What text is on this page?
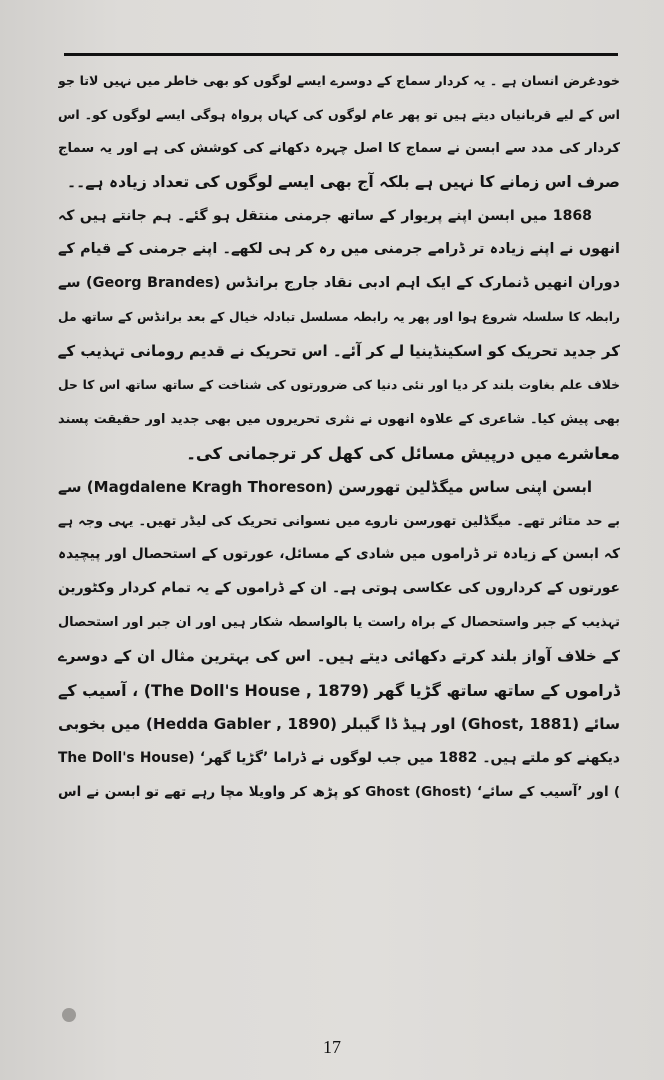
خودغرض انسان ہے ۔ یہ کردار سماج کے دوسرے ایسے لوگوں کو بھی خاطر میں نہیں لاتا جو
اس کے لیے قربانیاں دیتے ہیں تو پھر عام لوگوں کی کہاں پرواہ ہوگی ایسے لوگوں کو۔ اس
کردار کی مدد سے ابسن نے سماج کا اصل چہرہ دکھانے کی کوشش کی ہے اور یہ سماج
صرف اس زمانے کا نہیں ہے بلکہ آج بھی ایسے لوگوں کی تعداد زیادہ ہے۔۔
1868 میں ابسن اپنے پریوار کے ساتھ جرمنی منتقل ہو گئے۔ ہم جانتے ہیں کہ
انھوں نے اپنے زیادہ تر ڈرامے جرمنی میں رہ کر ہی لکھے۔ اپنے جرمنی کے قیام کے
دوران انھیں ڈنمارک کے ایک اہم ادبی نقاد جارج برانڈس (Georg Brandes) سے
رابطہ کا سلسلہ شروع ہوا اور پھر یہ رابطہ مسلسل تبادلہ خیال کے بعد برانڈس کے ساتھ مل
کر جدید تحریک کو اسکینڈینیا لے کر آئے۔ اس تحریک نے قدیم رومانی تہذیب کے
خلاف علم بغاوت بلند کر دیا اور نئی دنیا کی ضرورتوں کی شناخت کے ساتھ ساتھ اس کا حل
بھی پیش کیا۔ شاعری کے علاوہ انھوں نے نثری تحریروں میں بھی جدید اور حقیقت پسند
معاشرے میں درپیش مسائل کی کھل کر ترجمانی کی۔
ابسن اپنی ساس میگڈلین تھورسن (Magdalene Kragh Thoreson) سے
بے حد متاثر تھے۔ میگڈلین تھورسن ناروے میں نسوانی تحریک کی لیڈر تھیں۔ یہی وجہ ہے
کہ ابسن کے زیادہ تر ڈراموں میں شادی کے مسائل، عورتوں کے استحصال اور پیچیدہ
عورتوں کے کرداروں کی عکاسی ہوتی ہے۔ ان کے ڈراموں کے یہ تمام کردار وکٹورین
تہذیب کے جبر واستحصال کے براہ راست یا بالواسطہ شکار ہیں اور ان جبر اور استحصال
کے خلاف آواز بلند کرتے دکھائی دیتے ہیں۔ اس کی بہترین مثال ان کے دوسرے
ڈراموں کے ساتھ ساتھ گڑیا گھر (The Doll's House , 1879) ، آسیب کے
سائے (Ghost, 1881) اور ہیڈ ڈا گیبلر (Hedda Gabler , 1890) میں بخوبی
دیکھنے کو ملتے ہیں۔ 1882 میں جب لوگوں نے ڈراما ’گڑیا گھر‘ (The Doll's House
) اور ’آسیب کے سائے‘ (Ghost) Ghost کو پڑھ کر واویلا مچا رہے تھے تو ابسن نے اس
17
